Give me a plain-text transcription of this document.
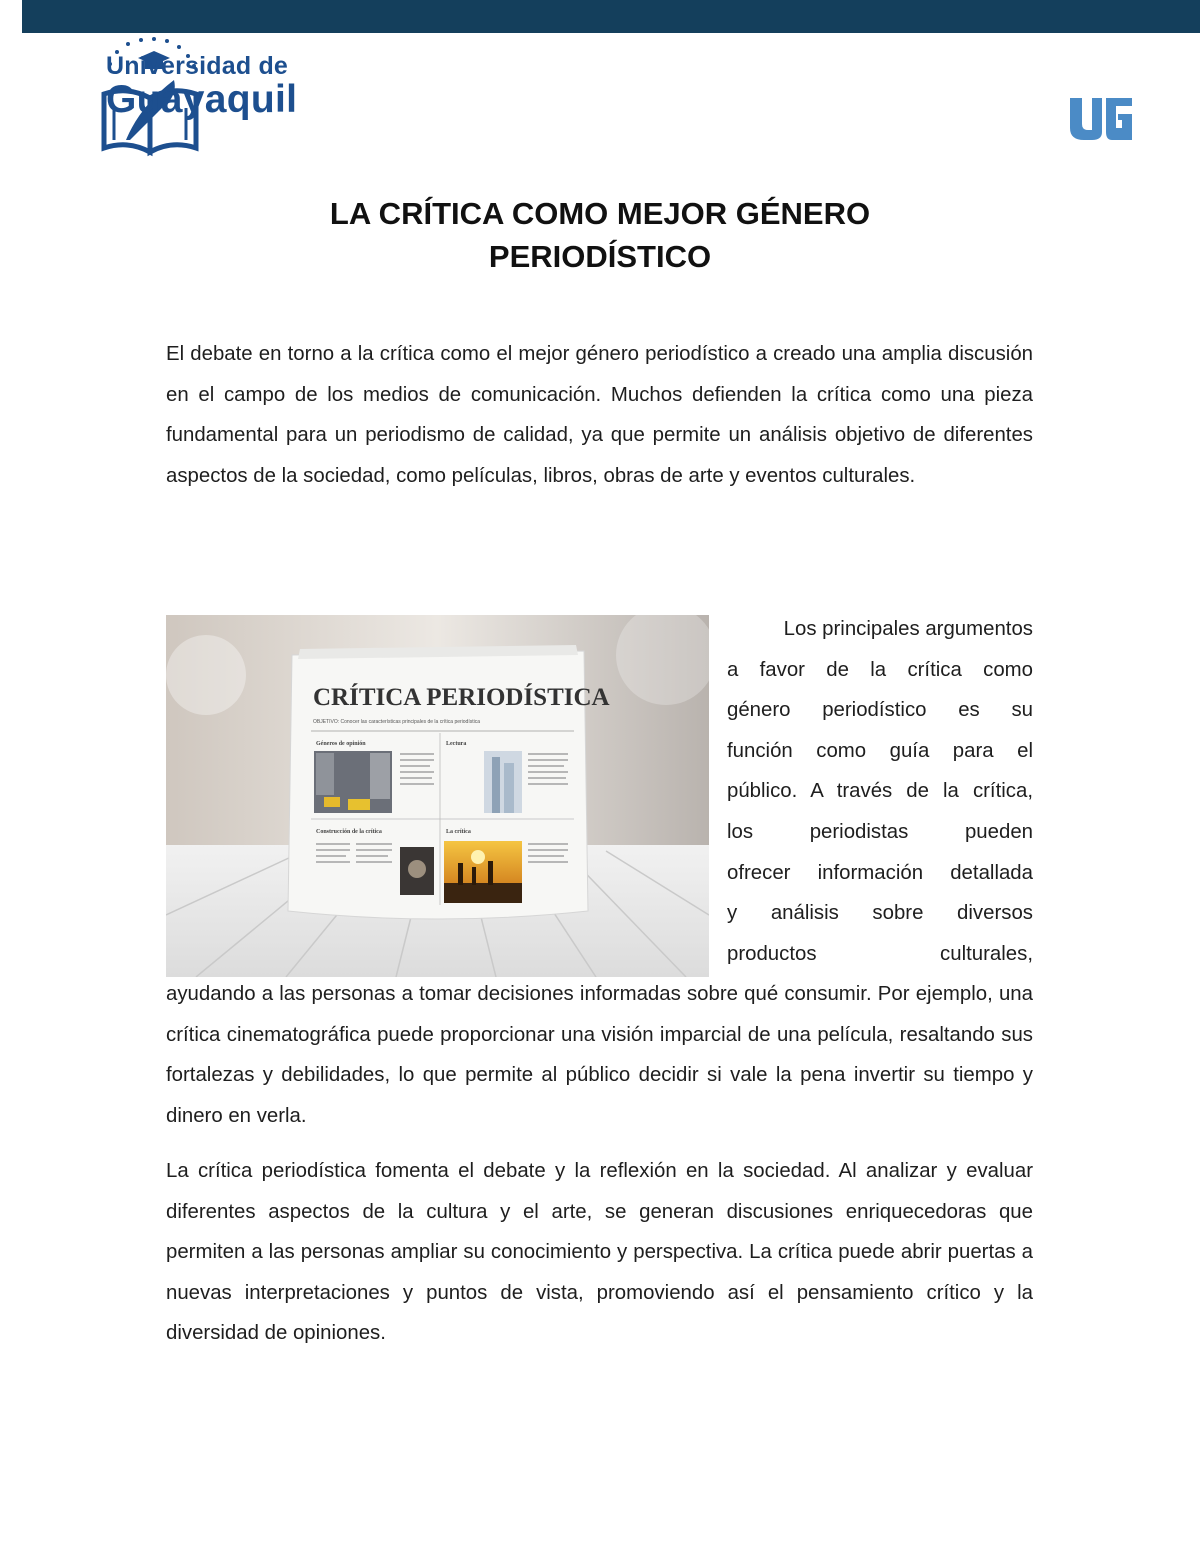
Universidad de
Guayaquil
LA CRÍTICA COMO MEJOR GÉNERO
PERIODÍSTICO
El debate en torno a la crítica como el mejor género periodístico a creado una amplia discusión en el campo de los medios de comunicación. Muchos defienden la crítica como una pieza fundamental para un periodismo de calidad, ya que permite un análisis objetivo de diferentes aspectos de la sociedad, como películas, libros, obras de arte y eventos culturales.
CRÍTICA PERIODÍSTICA
OBJETIVO: Conocer las características principales de la crítica periodística
Géneros de opinión	Lectura
Construcción de la crítica	La crítica
Los principales argumentos
a favor de la crítica como
género periodístico es su
función como guía para el
público. A través de la crítica,
los periodistas pueden
ofrecer información detallada
y análisis sobre diversos
productos culturales,
ayudando a las personas a tomar decisiones informadas sobre qué consumir. Por ejemplo, una crítica cinematográfica puede proporcionar una visión imparcial de una película, resaltando sus fortalezas y debilidades, lo que permite al público decidir si vale la pena invertir su tiempo y dinero en verla.
La crítica periodística fomenta el debate y la reflexión en la sociedad. Al analizar y evaluar diferentes aspectos de la cultura y el arte, se generan discusiones enriquecedoras que permiten a las personas ampliar su conocimiento y perspectiva. La crítica puede abrir puertas a nuevas interpretaciones y puntos de vista, promoviendo así el pensamiento crítico y la diversidad de opiniones.
